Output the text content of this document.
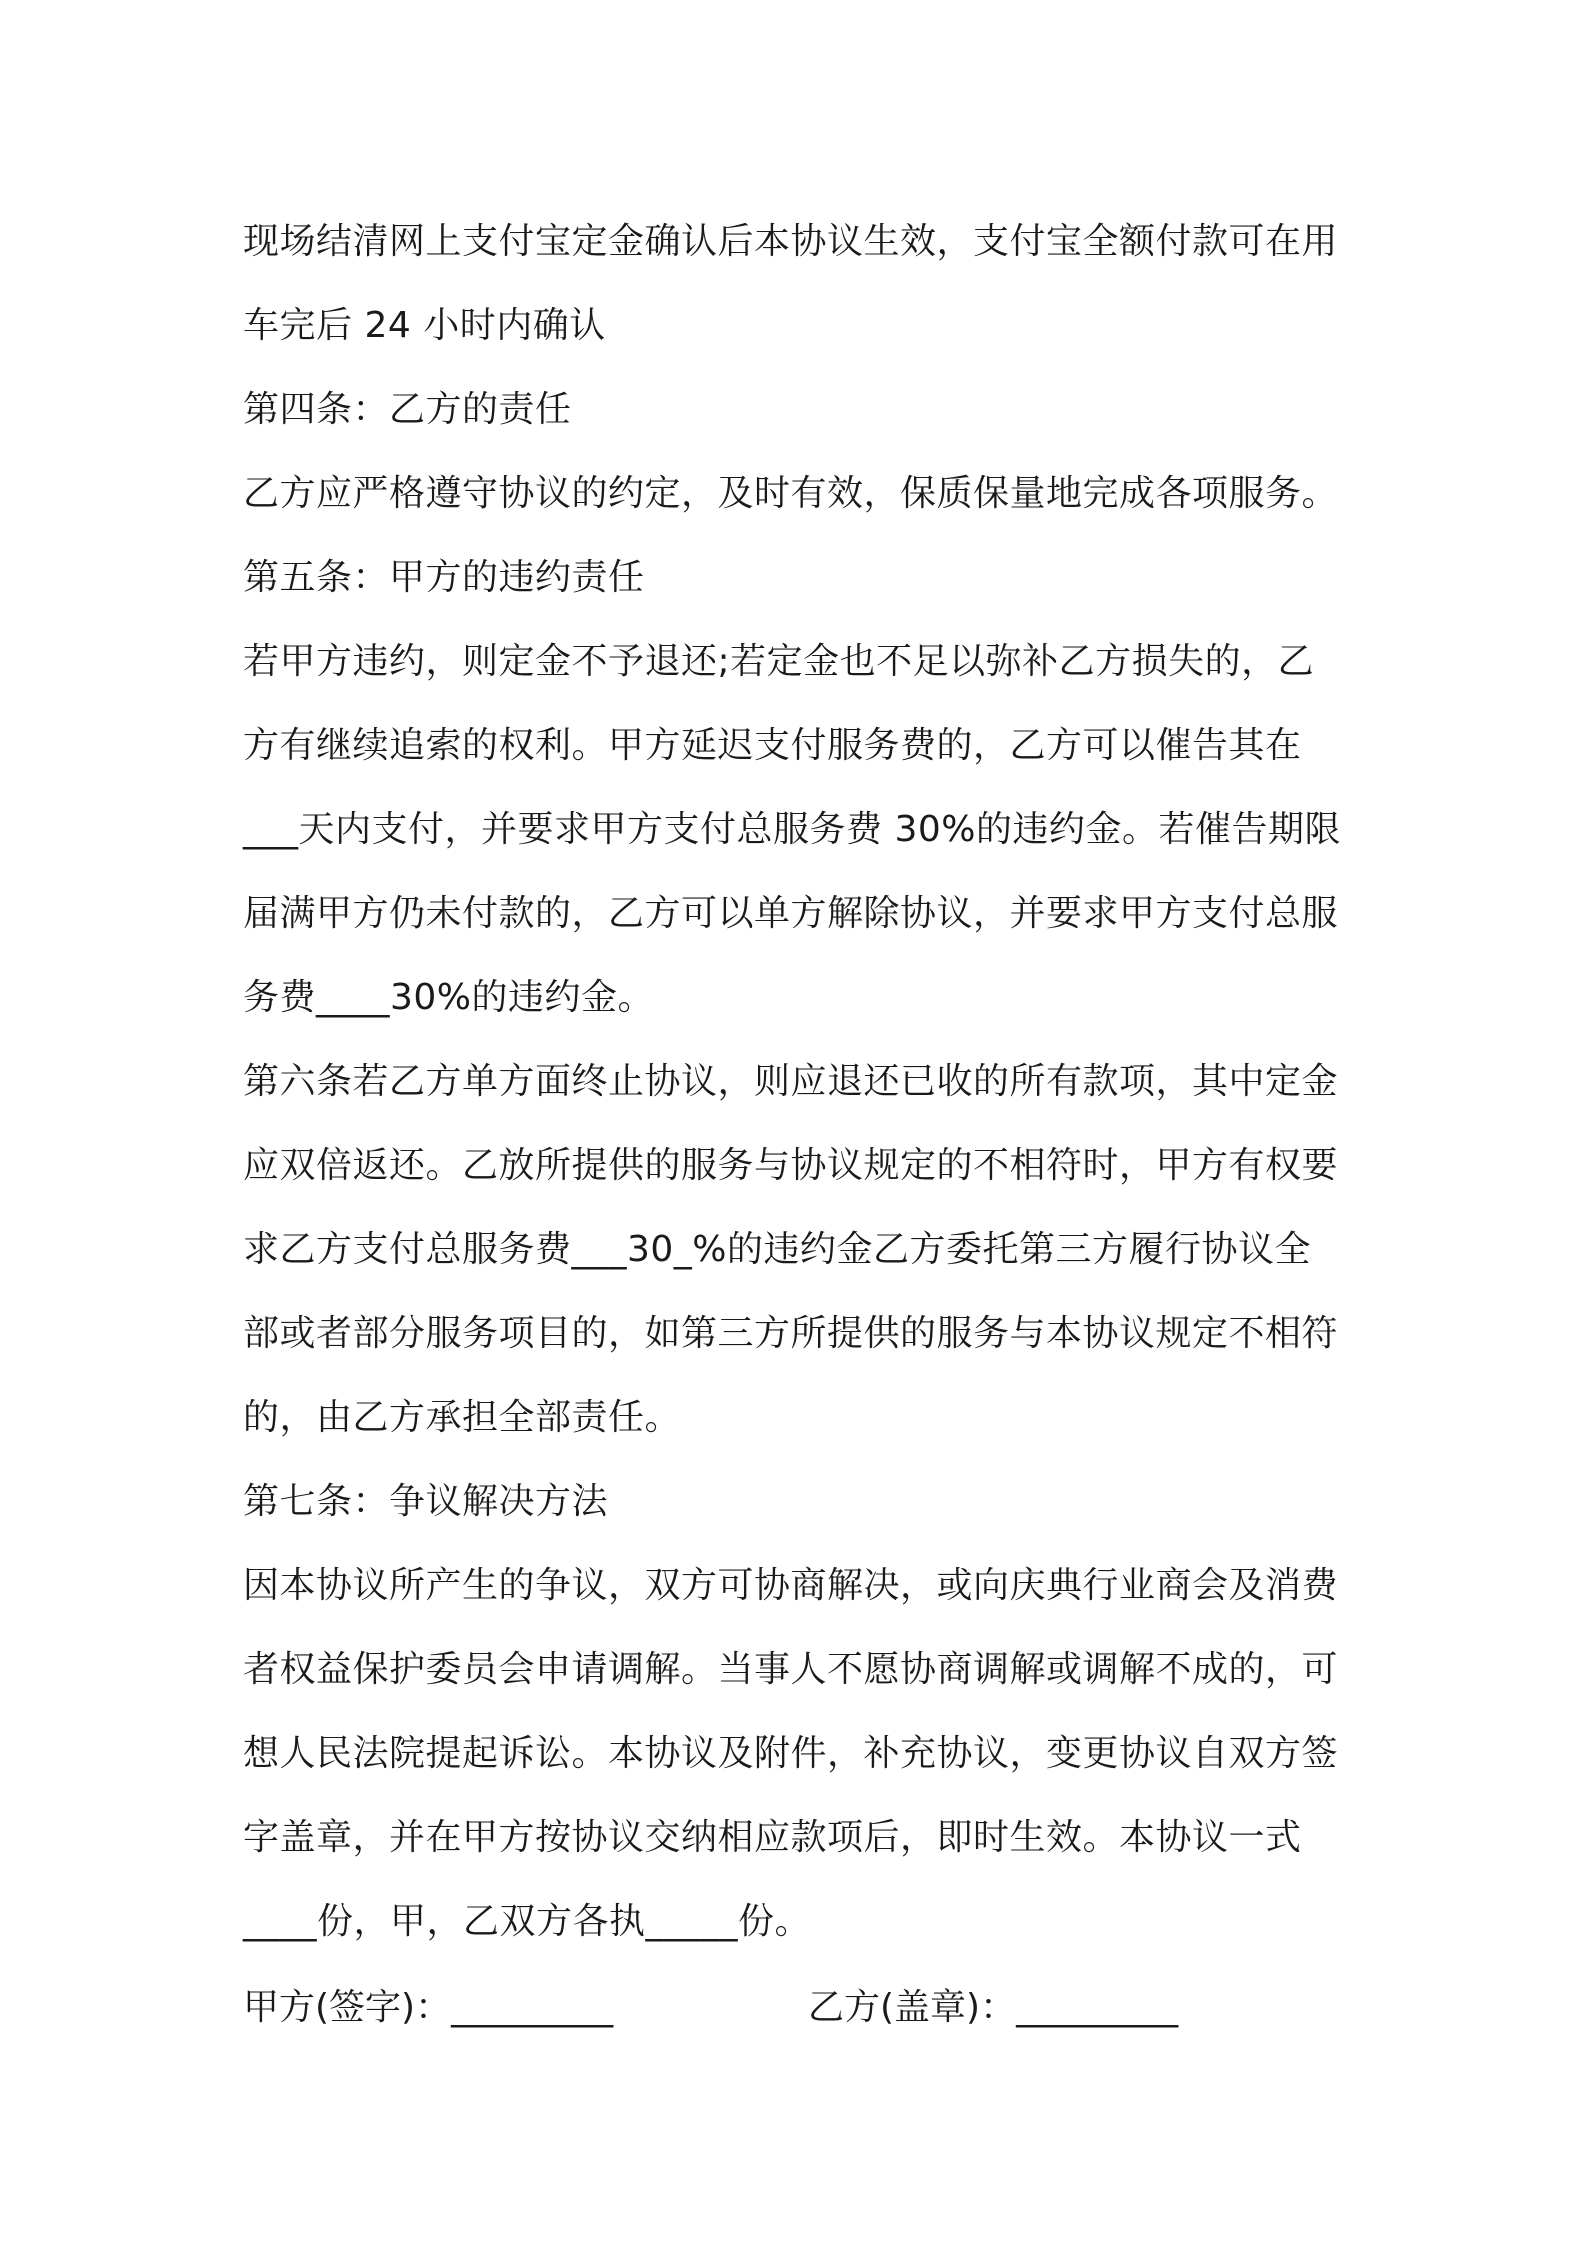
现场结清网上支付宝定金确认后本协议生效，支付宝全额付款可在用
车完后 24 小时内确认
第四条：乙方的责任
乙方应严格遵守协议的约定，及时有效，保质保量地完成各项服务。
第五条：甲方的违约责任
若甲方违约，则定金不予退还;若定金也不足以弥补乙方损失的，乙
方有继续追索的权利。甲方延迟支付服务费的，乙方可以催告其在
___天内支付，并要求甲方支付总服务费 30%的违约金。若催告期限
届满甲方仍未付款的，乙方可以单方解除协议，并要求甲方支付总服
务费____30%的违约金。
第六条若乙方单方面终止协议，则应退还已收的所有款项，其中定金
应双倍返还。乙放所提供的服务与协议规定的不相符时，甲方有权要
求乙方支付总服务费___30_%的违约金乙方委托第三方履行协议全
部或者部分服务项目的，如第三方所提供的服务与本协议规定不相符
的，由乙方承担全部责任。
第七条：争议解决方法
因本协议所产生的争议，双方可协商解决，或向庆典行业商会及消费
者权益保护委员会申请调解。当事人不愿协商调解或调解不成的，可
想人民法院提起诉讼。本协议及附件，补充协议，变更协议自双方签
字盖章，并在甲方按协议交纳相应款项后，即时生效。本协议一式
____份，甲，乙双方各执_____份。
甲方(签字)：_________	乙方(盖章)：_________
